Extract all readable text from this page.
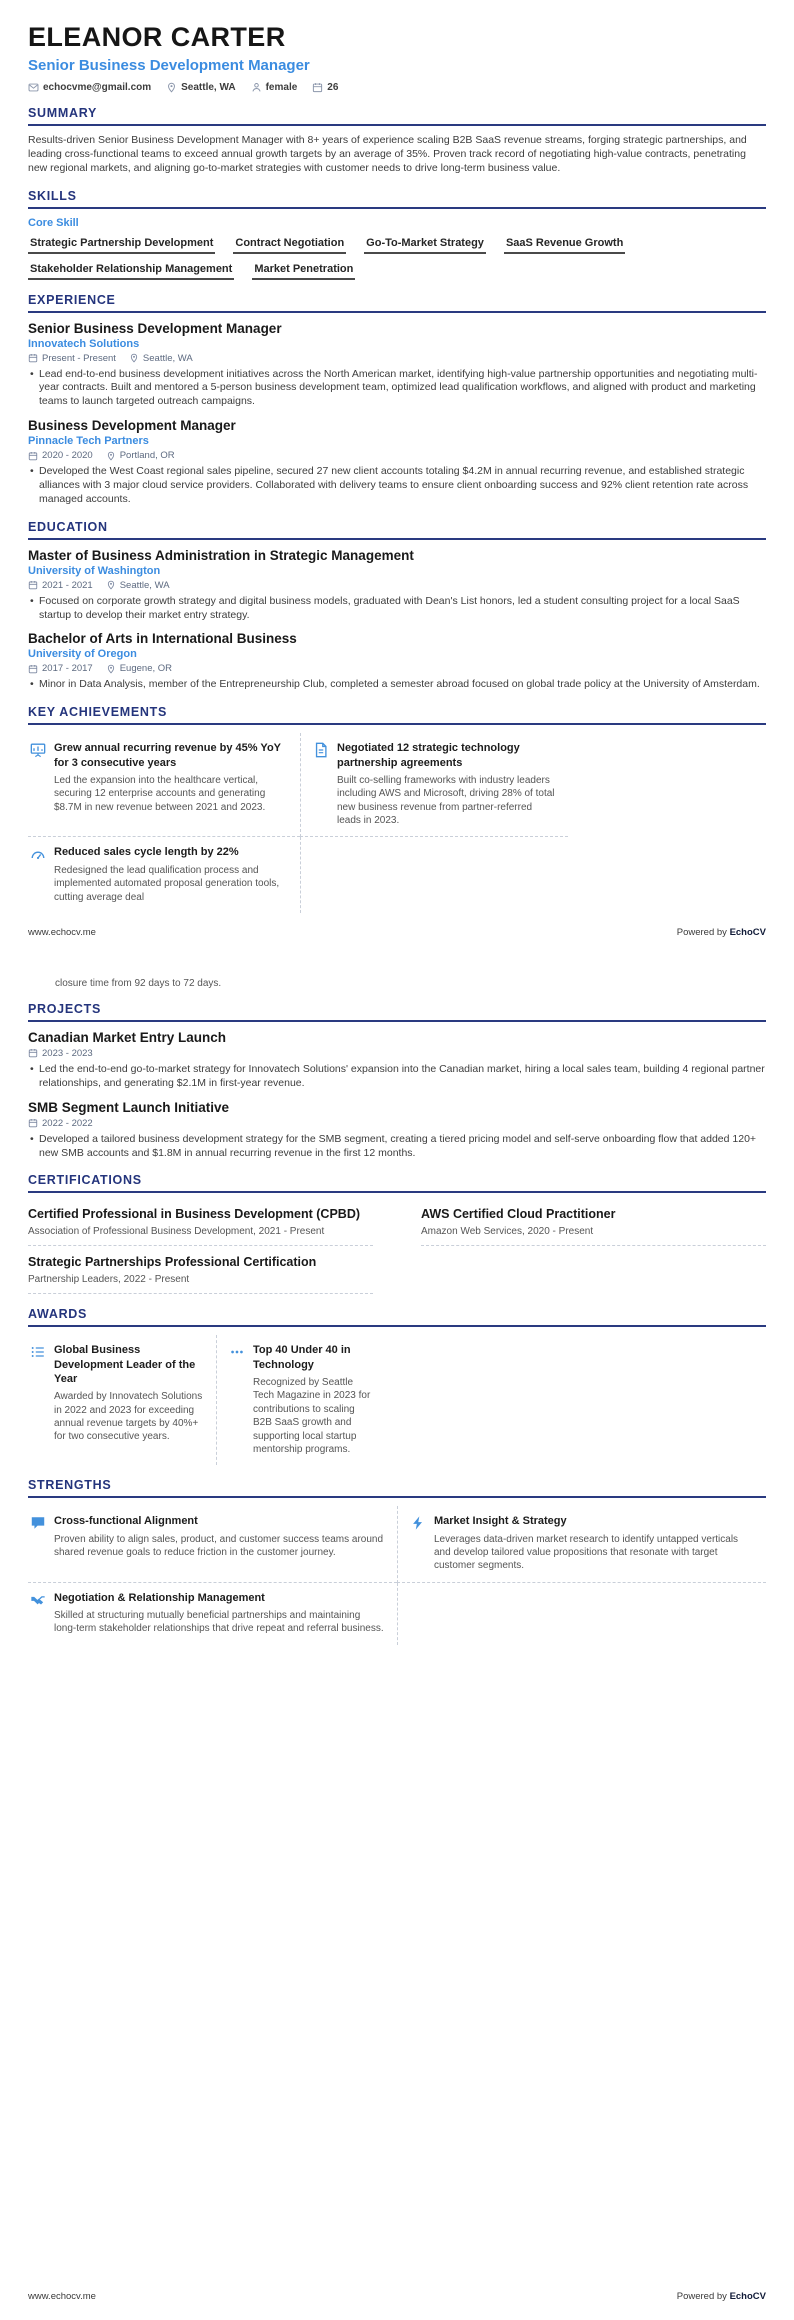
ELEANOR CARTER
Senior Business Development Manager
echocvme@gmail.com	Seattle, WA	female	26
SUMMARY
Results-driven Senior Business Development Manager with 8+ years of experience scaling B2B SaaS revenue streams, forging strategic partnerships, and leading cross-functional teams to exceed annual growth targets by an average of 35%. Proven track record of negotiating high-value contracts, penetrating new regional markets, and aligning go-to-market strategies with customer needs to drive long-term business value.
SKILLS
Core Skill
Strategic Partnership Development Contract Negotiation Go-To-Market Strategy SaaS Revenue Growth
Stakeholder Relationship Management Market Penetration
EXPERIENCE
Senior Business Development Manager
Innovatech Solutions
Present - Present	Seattle, WA
• Lead end-to-end business development initiatives across the North American market, identifying high-value partnership opportunities and negotiating multi-year contracts. Built and mentored a 5-person business development team, optimized lead qualification workflows, and aligned with product and marketing teams to launch targeted outreach campaigns.
Business Development Manager
Pinnacle Tech Partners
2020 - 2020	Portland, OR
• Developed the West Coast regional sales pipeline, secured 27 new client accounts totaling $4.2M in annual recurring revenue, and established strategic alliances with 3 major cloud service providers. Collaborated with delivery teams to ensure client onboarding success and 92% client retention rate across managed accounts.
EDUCATION
Master of Business Administration in Strategic Management
University of Washington
2021 - 2021	Seattle, WA
• Focused on corporate growth strategy and digital business models, graduated with Dean's List honors, led a student consulting project for a local SaaS startup to develop their market entry strategy.
Bachelor of Arts in International Business
University of Oregon
2017 - 2017	Eugene, OR
• Minor in Data Analysis, member of the Entrepreneurship Club, completed a semester abroad focused on global trade policy at the University of Amsterdam.
KEY ACHIEVEMENTS
Grew annual recurring revenue by 45% YoY for 3 consecutive years
Led the expansion into the healthcare vertical, securing 12 enterprise accounts and generating $8.7M in new revenue between 2021 and 2023.
Negotiated 12 strategic technology partnership agreements
Built co-selling frameworks with industry leaders including AWS and Microsoft, driving 28% of total new business revenue from partner-referred leads in 2023.
Reduced sales cycle length by 22%
Redesigned the lead qualification process and implemented automated proposal generation tools, cutting average deal
www.echocv.me	Powered by EchoCV
closure time from 92 days to 72 days.
PROJECTS
Canadian Market Entry Launch
2023 - 2023
• Led the end-to-end go-to-market strategy for Innovatech Solutions' expansion into the Canadian market, hiring a local sales team, building 4 regional partner relationships, and generating $2.1M in first-year revenue.
SMB Segment Launch Initiative
2022 - 2022
• Developed a tailored business development strategy for the SMB segment, creating a tiered pricing model and self-serve onboarding flow that added 120+ new SMB accounts and $1.8M in annual recurring revenue in the first 12 months.
CERTIFICATIONS
Certified Professional in Business Development (CPBD)
Association of Professional Business Development, 2021 - Present
Strategic Partnerships Professional Certification
Partnership Leaders, 2022 - Present
AWS Certified Cloud Practitioner
Amazon Web Services, 2020 - Present
AWARDS
Global Business Development Leader of the Year
Awarded by Innovatech Solutions in 2022 and 2023 for exceeding annual revenue targets by 40%+ for two consecutive years.
Top 40 Under 40 in Technology
Recognized by Seattle Tech Magazine in 2023 for contributions to scaling B2B SaaS growth and supporting local startup mentorship programs.
STRENGTHS
Cross-functional Alignment
Proven ability to align sales, product, and customer success teams around shared revenue goals to reduce friction in the customer journey.
Market Insight & Strategy
Leverages data-driven market research to identify untapped verticals and develop tailored value propositions that resonate with target customer segments.
Negotiation & Relationship Management
Skilled at structuring mutually beneficial partnerships and maintaining long-term stakeholder relationships that drive repeat and referral business.
www.echocv.me	Powered by EchoCV
